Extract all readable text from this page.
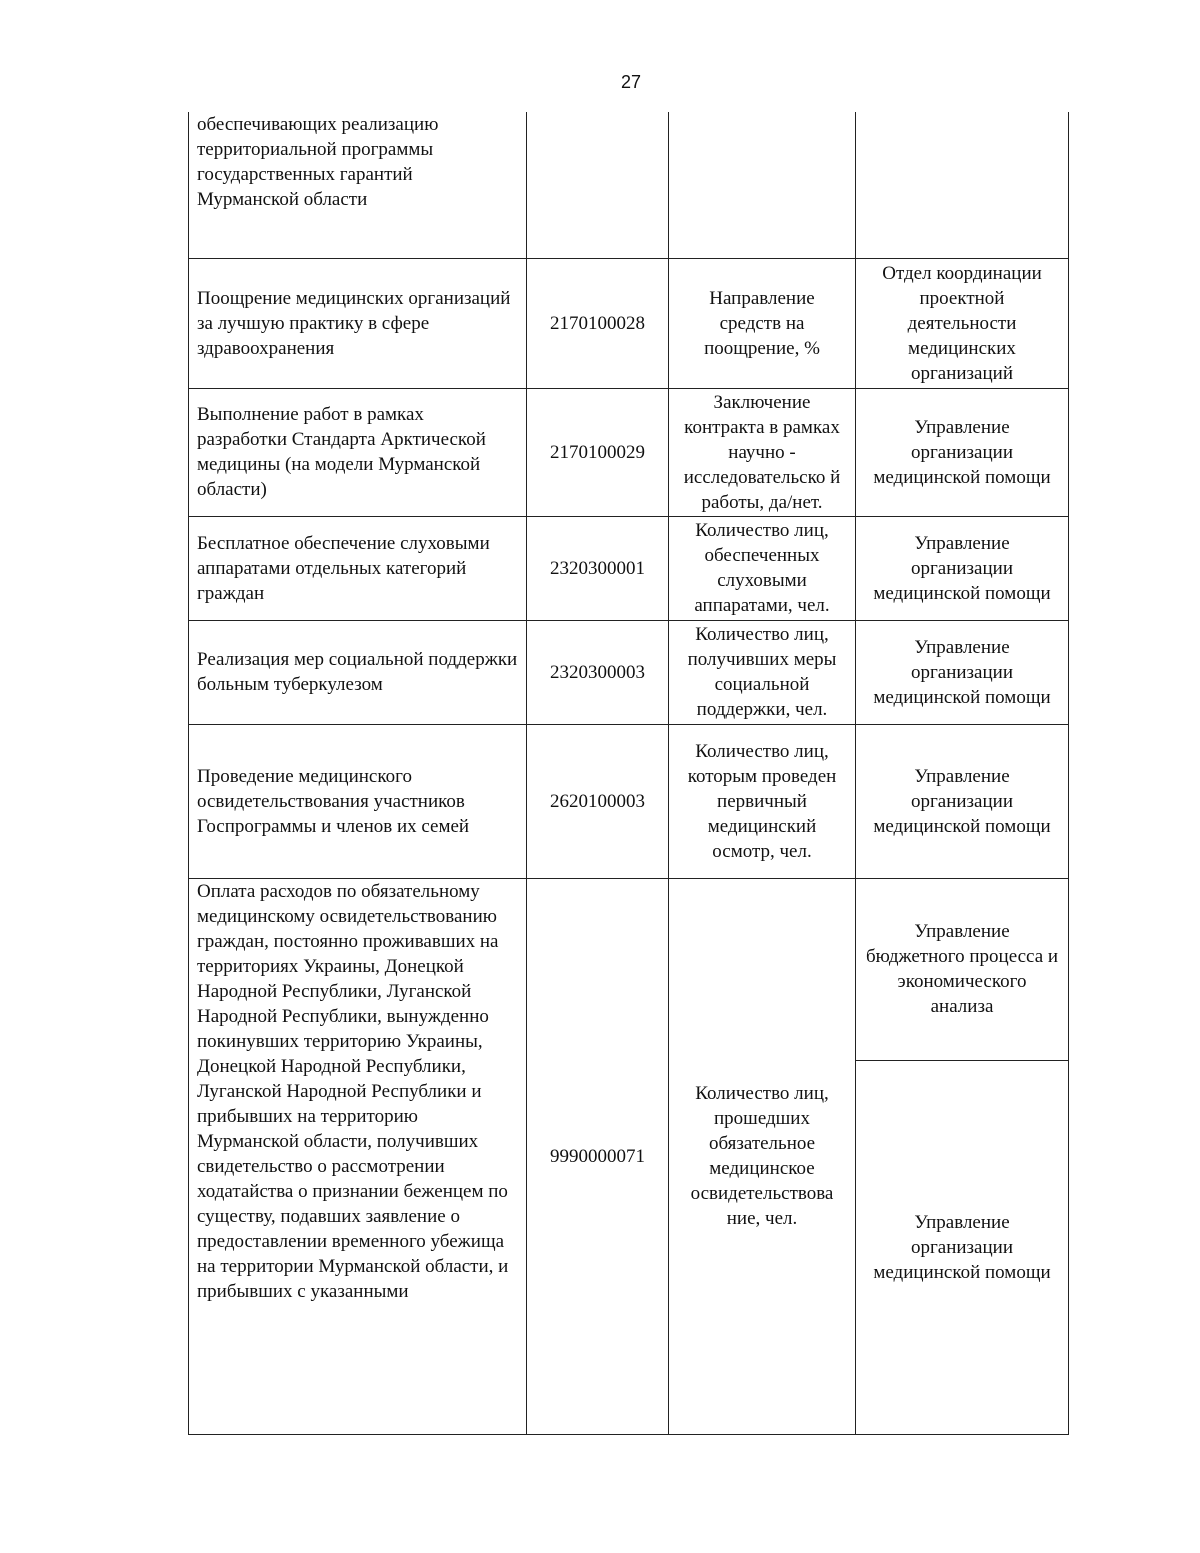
27
обеспечивающих реализацию территориальной программы государственных гарантий Мурманской области			
Поощрение медицинских организаций за лучшую практику в сфере здравоохранения	2170100028	Направление средств на поощрение, %	Отдел координации проектной деятельности медицинских организаций
Выполнение работ в рамках разработки Стандарта Арктической медицины (на модели Мурманской области)	2170100029	Заключение контракта в рамках научно - исследовательско й работы, да/нет.	Управление организации медицинской помощи
Бесплатное обеспечение слуховыми аппаратами отдельных категорий граждан	2320300001	Количество лиц, обеспеченных слуховыми аппаратами, чел.	Управление организации медицинской помощи
Реализация мер социальной поддержки больным туберкулезом	2320300003	Количество лиц, получивших меры социальной поддержки, чел.	Управление организации медицинской помощи
Проведение медицинского освидетельствования участников Госпрограммы и членов их семей	2620100003	Количество лиц, которым проведен первичный медицинский осмотр, чел.	Управление организации медицинской помощи
Оплата расходов по обязательному медицинскому освидетельствованию граждан, постоянно проживавших на территориях Украины, Донецкой Народной Республики, Луганской Народной Республики, вынужденно покинувших территорию Украины, Донецкой Народной Республики, Луганской Народной Республики и прибывших на территорию Мурманской области, получивших свидетельство о рассмотрении ходатайства о признании беженцем по существу, подавших заявление о предоставлении временного убежища на территории Мурманской области, и прибывших с указанными	9990000071	Количество лиц, прошедших обязательное медицинское освидетельствова ние, чел.	Управление бюджетного процесса и экономического анализа
			Управление организации медицинской помощи
